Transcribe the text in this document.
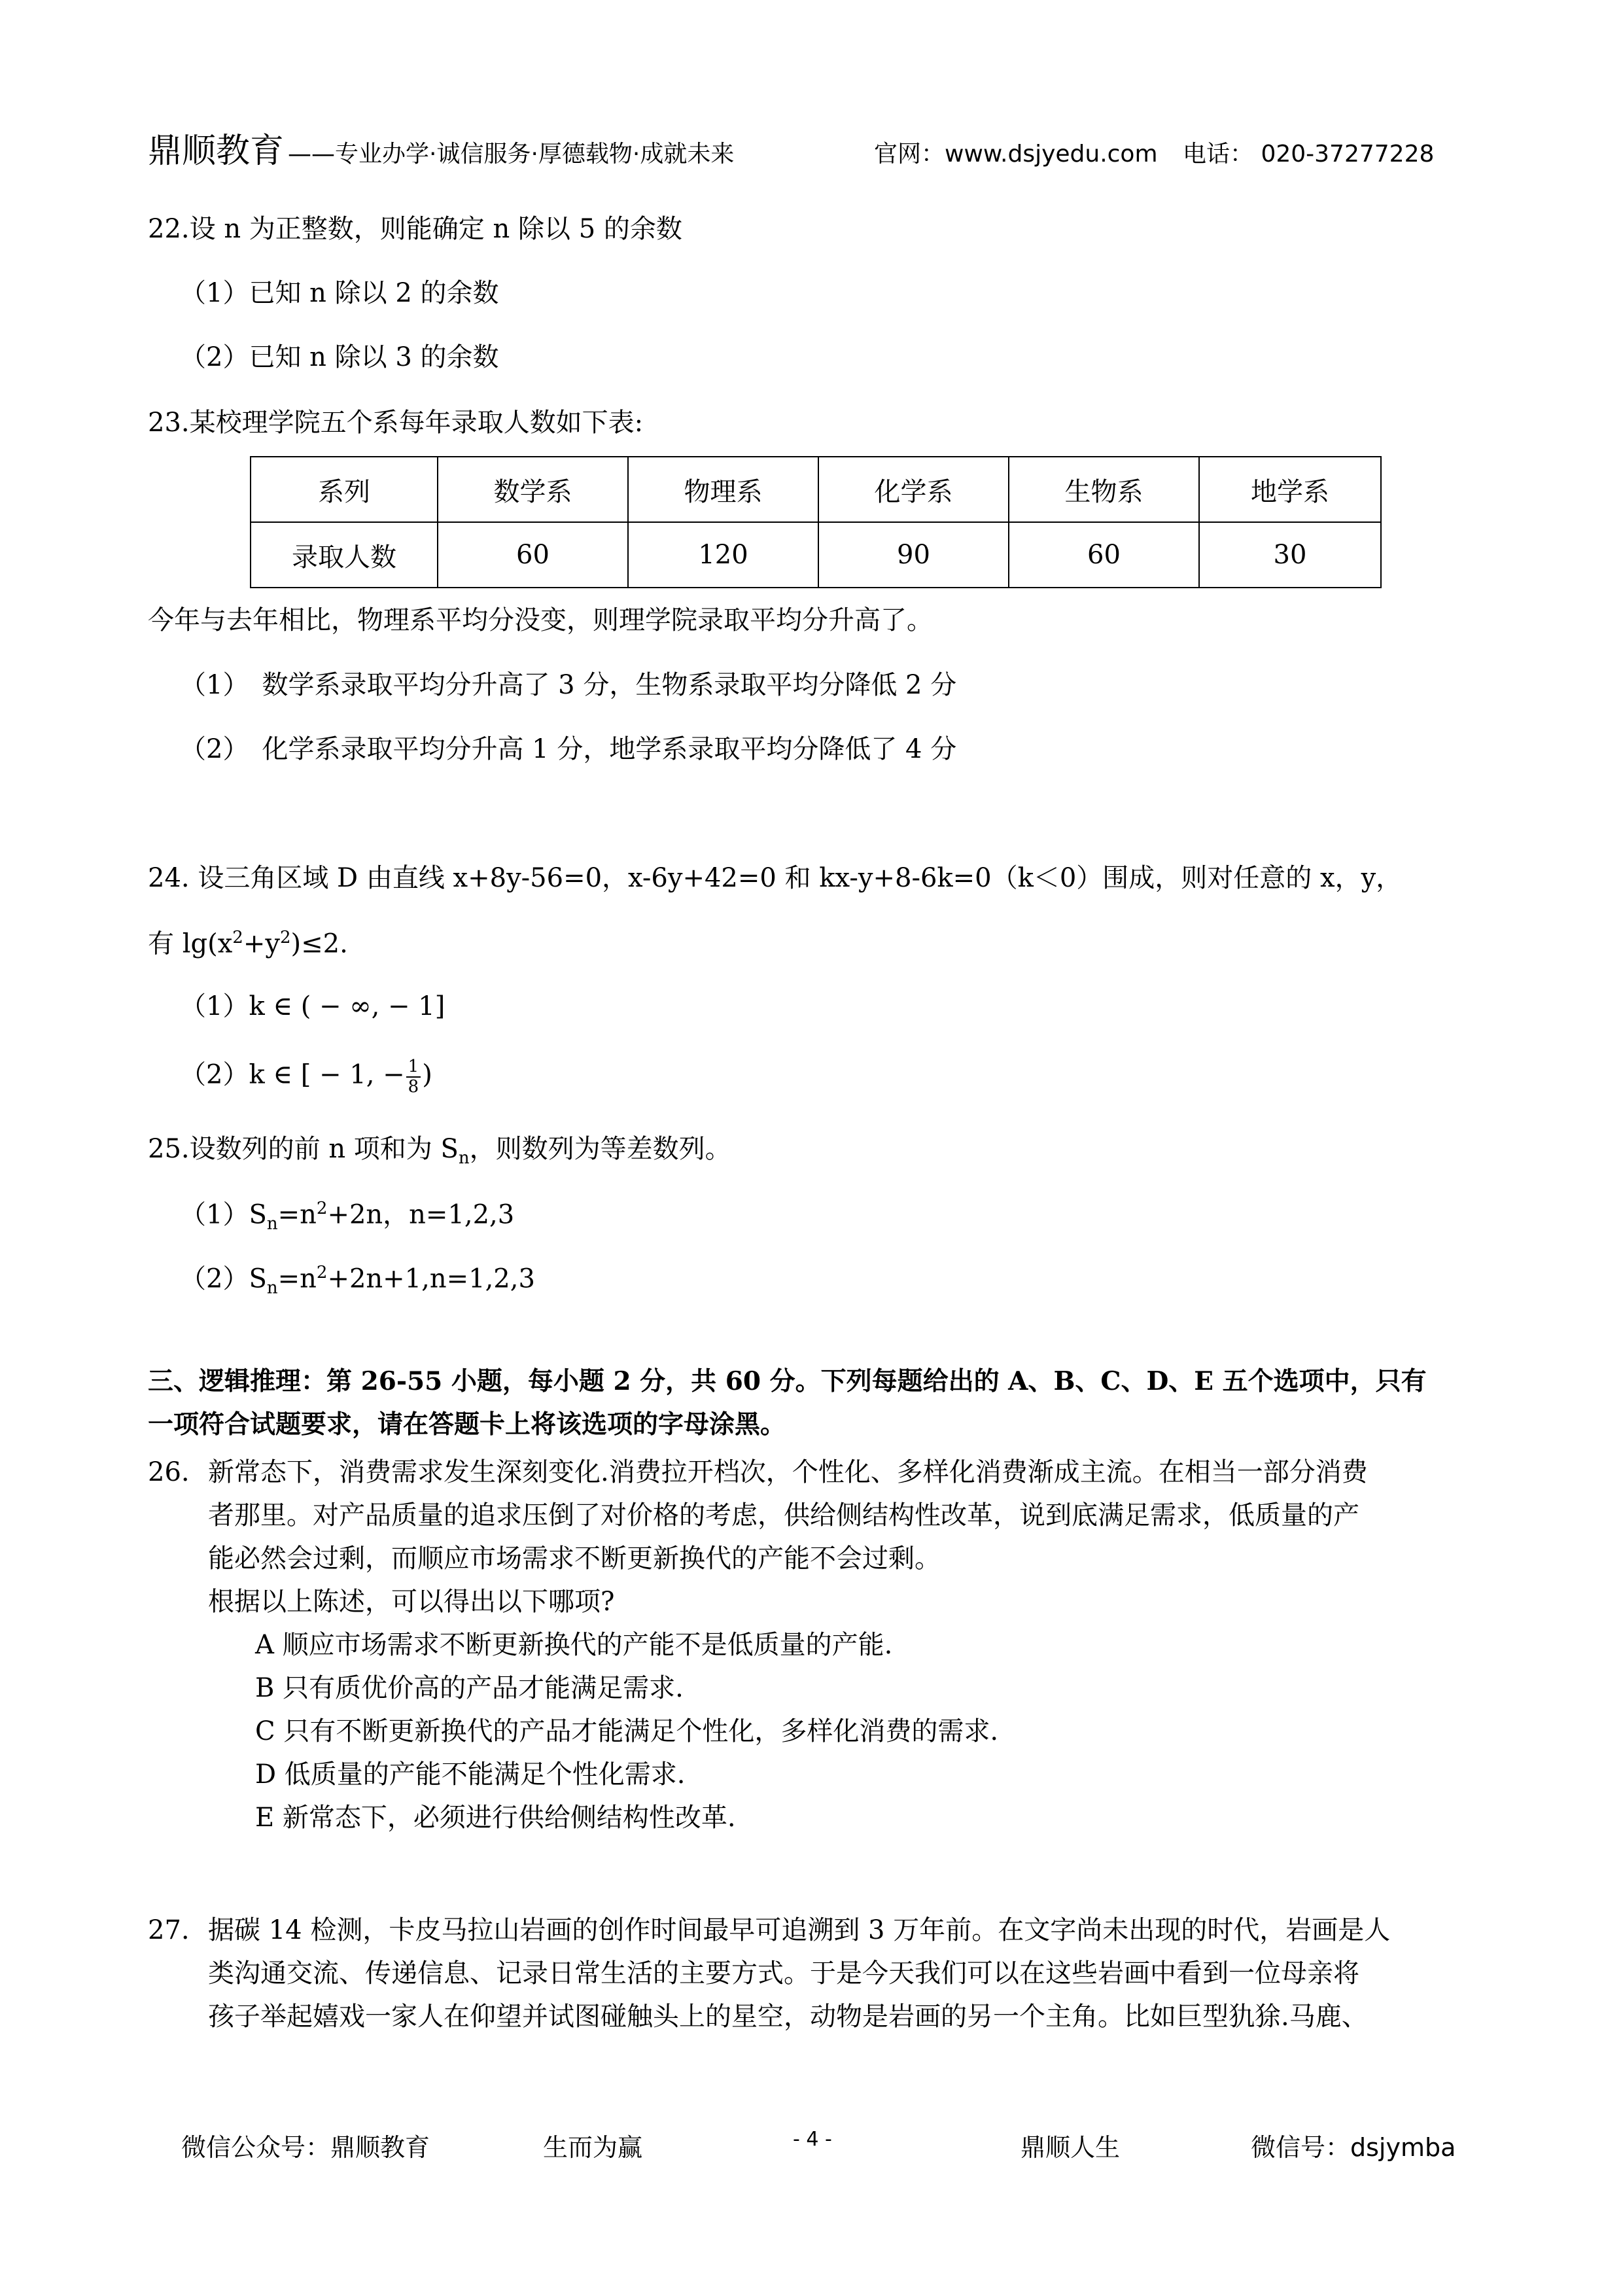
鼎顺教育 ——专业办学·诚信服务·厚德载物·成就未来	官网：www.dsjyedu.com 电话： 020-37277228
22.设 n 为正整数，则能确定 n 除以 5 的余数
（1）已知 n 除以 2 的余数
（2）已知 n 除以 3 的余数
23.某校理学院五个系每年录取人数如下表:
系列	数学系	物理系	化学系	生物系	地学系
录取人数	60	120	90	60	30
今年与去年相比，物理系平均分没变，则理学院录取平均分升高了。
（1）　数学系录取平均分升高了 3 分，生物系录取平均分降低 2 分
（2）　化学系录取平均分升高 1 分，地学系录取平均分降低了 4 分
24. 设三角区域 D 由直线 x+8y-56=0，x-6y+42=0 和 kx-y+8-6k=0（k＜0）围成，则对任意的 x，y，
有 $\lg(x^2+y^2)\le 2$.
（1）k ∈ ( − ∞, − 1]
（2）k ∈ [ − 1, − $\frac{1}{8}$ )
25.设数列的前 n 项和为 $S_n$，则数列为等差数列。
$(1)S_n=n^2+2n$，n=1,2,3
$(2)S_n=n^2+2n+1,n=1,2,3$
三、逻辑推理：第 26-55 小题，每小题 2 分，共 60 分。下列每题给出的 A、B、C、D、E 五个选项中，只有
一项符合试题要求，请在答题卡上将该选项的字母涂黑。
26. 新常态下，消费需求发生深刻变化.消费拉开档次，个性化、多样化消费渐成主流。在相当一部分消费
者那里。对产品质量的追求压倒了对价格的考虑，供给侧结构性改革，说到底满足需求，低质量的产
能必然会过剩，而顺应市场需求不断更新换代的产能不会过剩。
根据以上陈述，可以得出以下哪项?
A 顺应市场需求不断更新换代的产能不是低质量的产能.
B 只有质优价高的产品才能满足需求.
C 只有不断更新换代的产品才能满足个性化，多样化消费的需求.
D 低质量的产能不能满足个性化需求.
E 新常态下，必须进行供给侧结构性改革.
27. 据碳 14 检测，卡皮马拉山岩画的创作时间最早可追溯到 3 万年前。在文字尚未出现的时代，岩画是人
类沟通交流、传递信息、记录日常生活的主要方式。于是今天我们可以在这些岩画中看到一位母亲将
孩子举起嬉戏一家人在仰望并试图碰触头上的星空，动物是岩画的另一个主角。比如巨型犰狳.马鹿、
微信公众号：鼎顺教育	生而为赢	- 4 -	鼎顺人生	微信号：dsjymba
